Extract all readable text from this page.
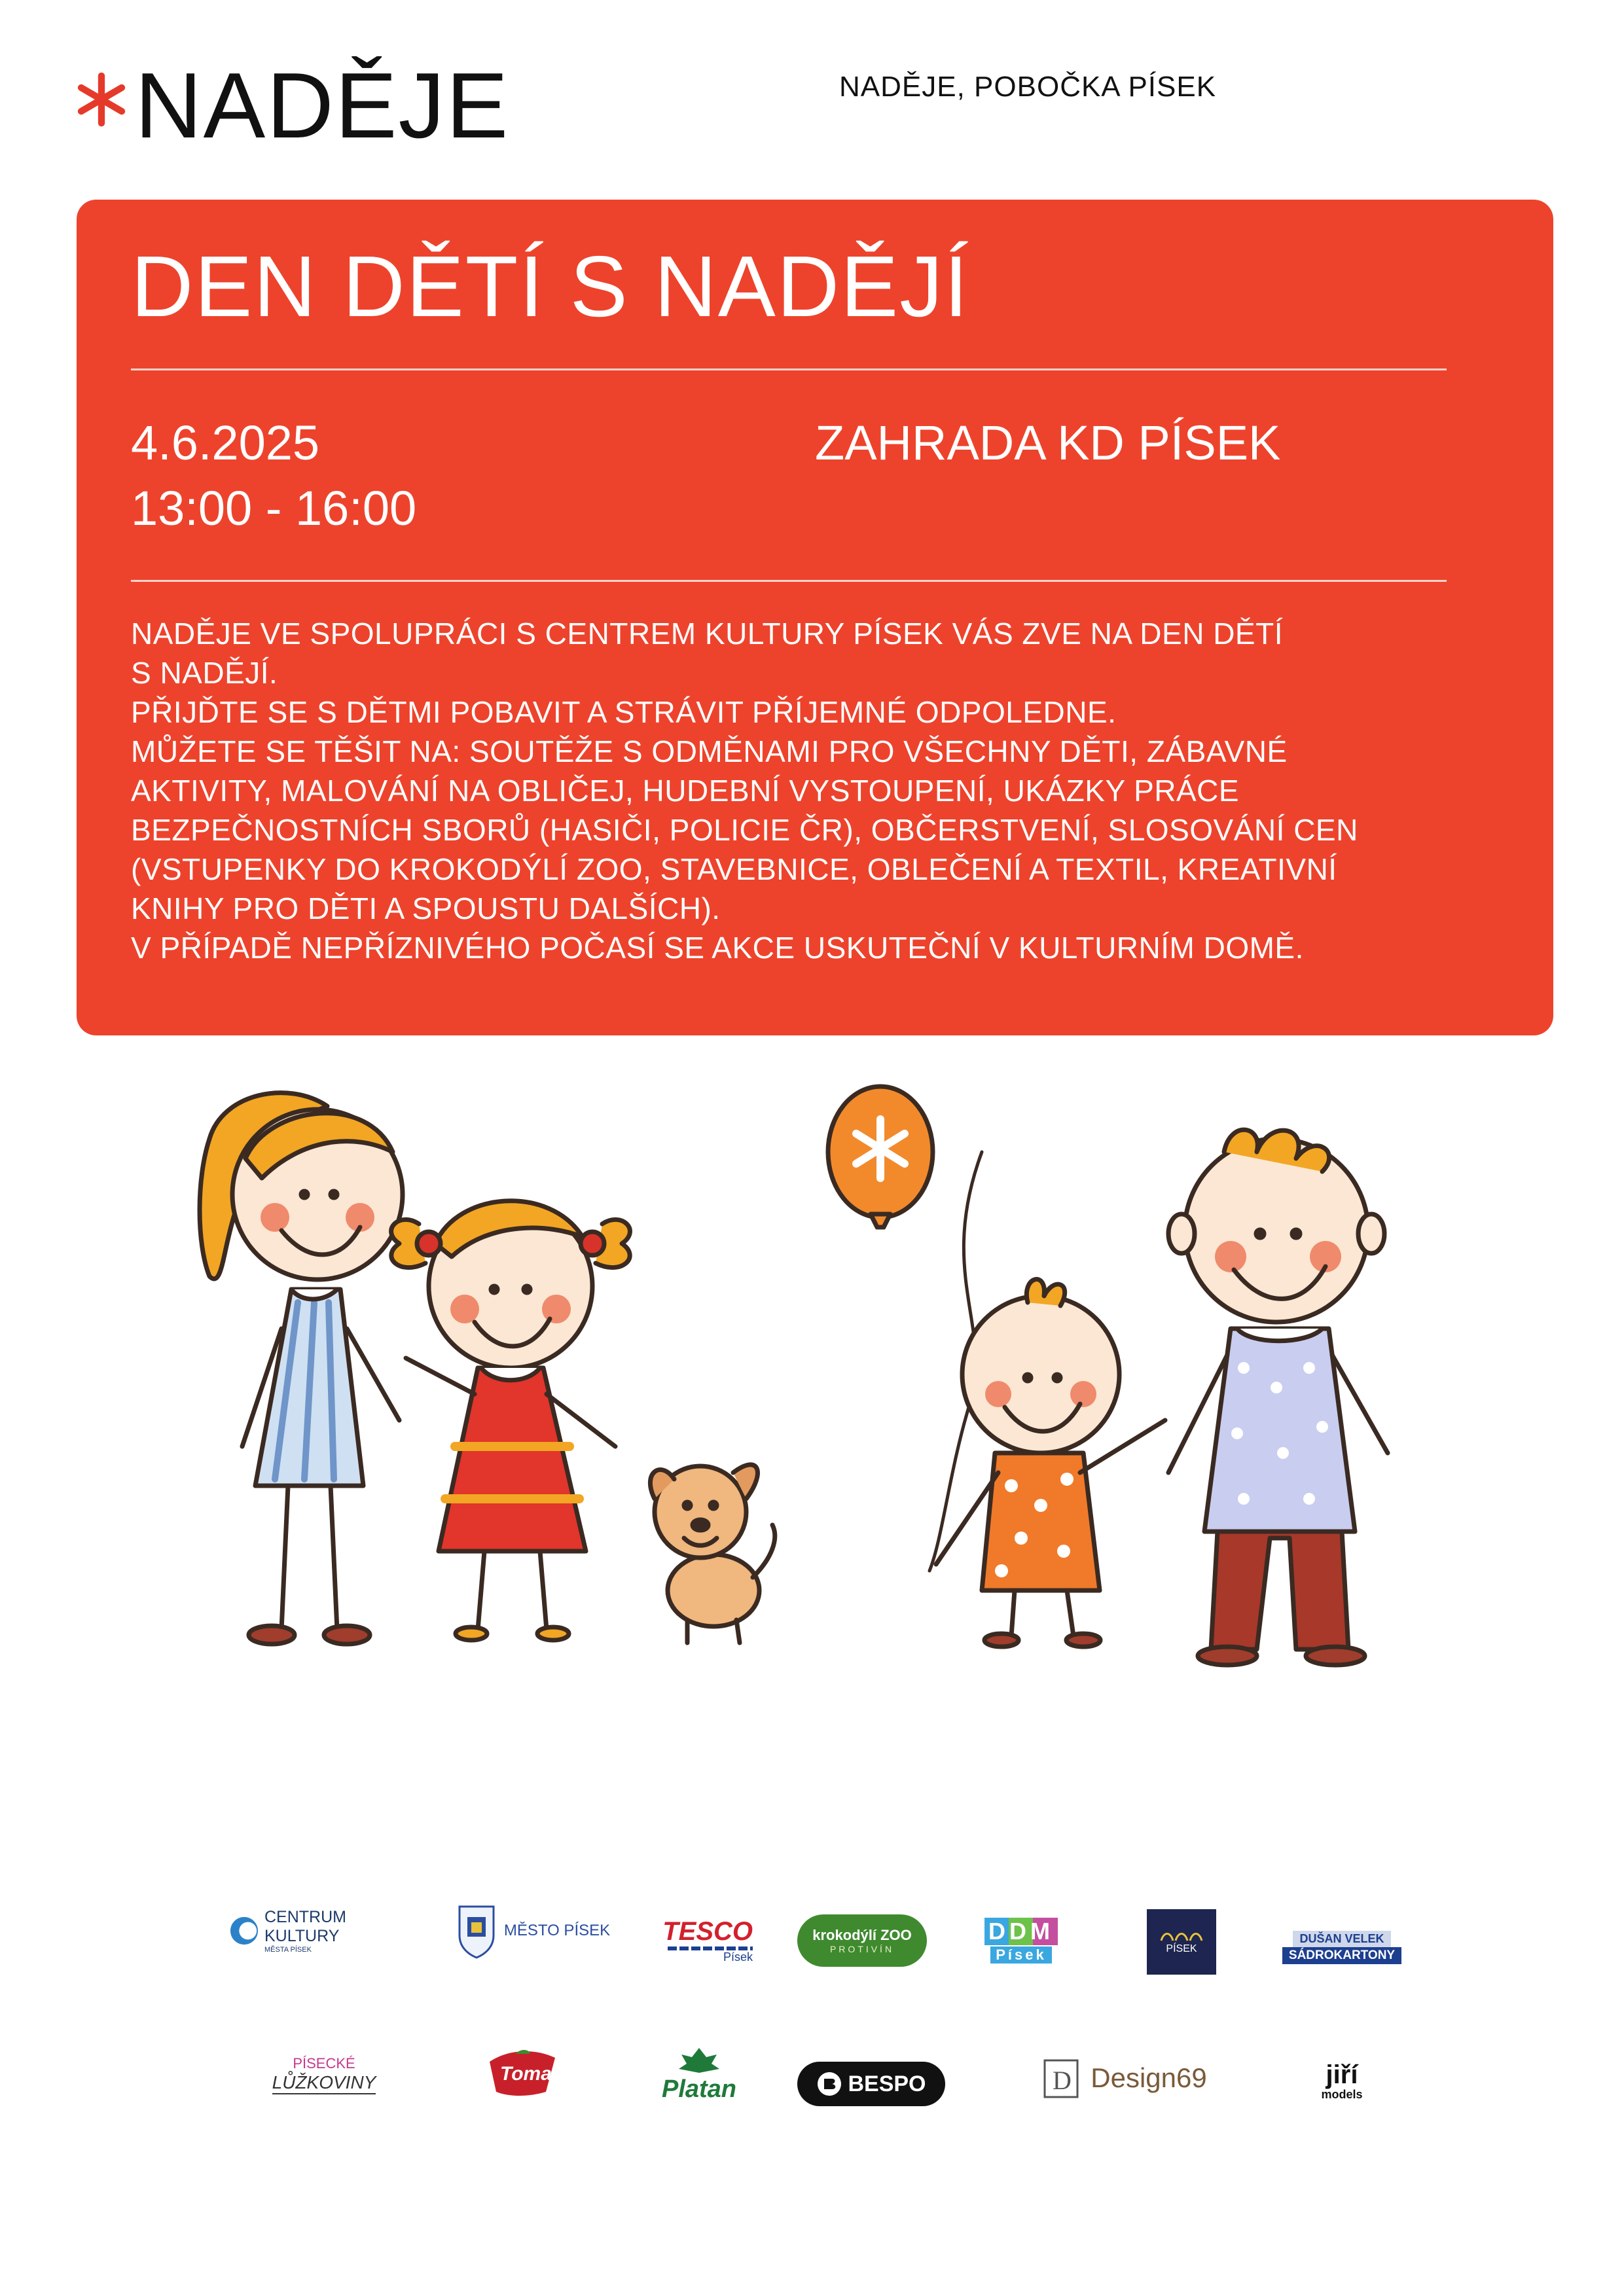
NADĚJE	NADĚJE, POBOČKA PÍSEK
DEN DĚTÍ S NADĚJÍ
4.6.2025
13:00 - 16:00
ZAHRADA KD PÍSEK

NADĚJE VE SPOLUPRÁCI S CENTREM KULTURY PÍSEK VÁS ZVE NA DEN DĚTÍ

S NADĚJÍ.

PŘIJĎTE SE S DĚTMI POBAVIT A STRÁVIT PŘÍJEMNÉ ODPOLEDNE.

MŮŽETE SE TĚŠIT NA: SOUTĚŽE S ODMĚNAMI PRO VŠECHNY DĚTI, ZÁBAVNÉ

AKTIVITY, MALOVÁNÍ NA OBLIČEJ, HUDEBNÍ VYSTOUPENÍ, UKÁZKY PRÁCE

BEZPEČNOSTNÍCH SBORŮ (HASIČI, POLICIE ČR), OBČERSTVENÍ, SLOSOVÁNÍ CEN

(VSTUPENKY DO KROKODÝLÍ ZOO, STAVEBNICE, OBLEČENÍ A TEXTIL, KREATIVNÍ

KNIHY PRO DĚTI A SPOUSTU DALŠÍCH).

V PŘÍPADĚ NEPŘÍZNIVÉHO POČASÍ SE AKCE USKUTEČNÍ V KULTURNÍM DOMĚ.

CENTRUM KULTURY
MĚSTA PÍSEK
MĚSTO PÍSEK TESCO
Písek
krokodýlí ZOO
PROTIVÍN
DDM
Písek	PÍSEK
DUŠAN VELEK
SÁDROKARTONY
PÍSECKÉ
LŮŽKOVINY	Toma
Platan	BESPO	D Design69	jiří
models
